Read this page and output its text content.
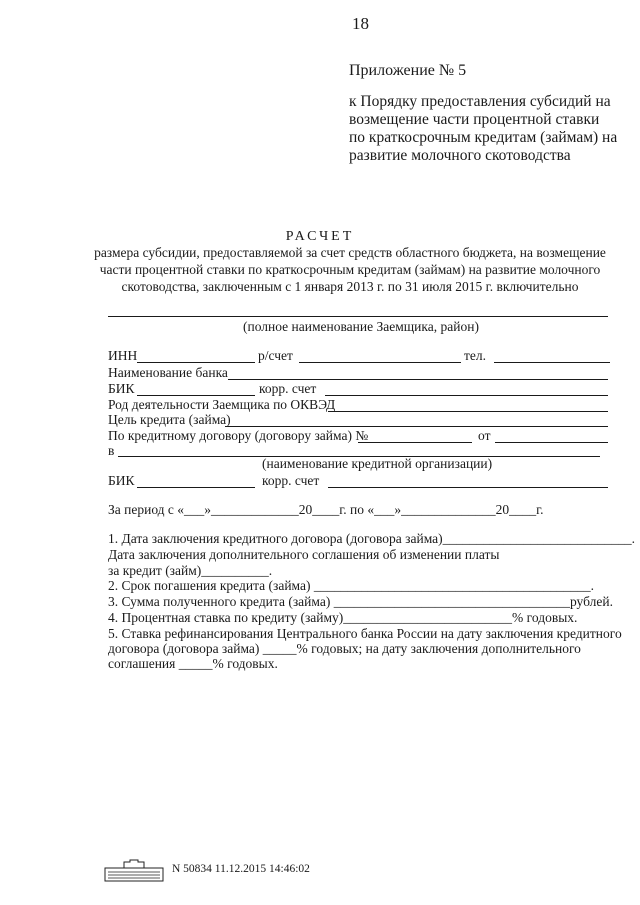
18
Приложение № 5
к Порядку предоставления субсидий на
возмещение части процентной ставки
по краткосрочным кредитам (займам) на
развитие молочного скотоводства
РАСЧЕТ
размера субсидии, предоставляемой за счет средств областного бюджета, на возмещение
части процентной ставки по краткосрочным кредитам (займам) на развитие молочного
скотоводства, заключенным с 1 января 2013 г. по 31 июля 2015 г. включительно
(полное наименование Заемщика, район)
ИНН	р/счет	тел.
Наименование банка
БИК	корр. счет
Род деятельности Заемщика по ОКВЭД
Цель кредита (займа)
По кредитному договору (договору займа) №	от
в
(наименование кредитной организации)
БИК	корр. счет
За период с «___»_____________20____г. по «___»______________20____г.
1. Дата заключения кредитного договора (договора займа)____________________________.
Дата заключения дополнительного соглашения об изменении платы
за кредит (займ)__________.
2. Срок погашения кредита (займа) _________________________________________.
3. Сумма полученного кредита (займа) ___________________________________рублей.
4. Процентная ставка по кредиту (займу)_________________________% годовых.
5. Ставка рефинансирования Центрального банка России на дату заключения кредитного
договора (договора займа) _____% годовых; на дату заключения дополнительного
соглашения _____% годовых.
N 50834 11.12.2015 14:46:02
